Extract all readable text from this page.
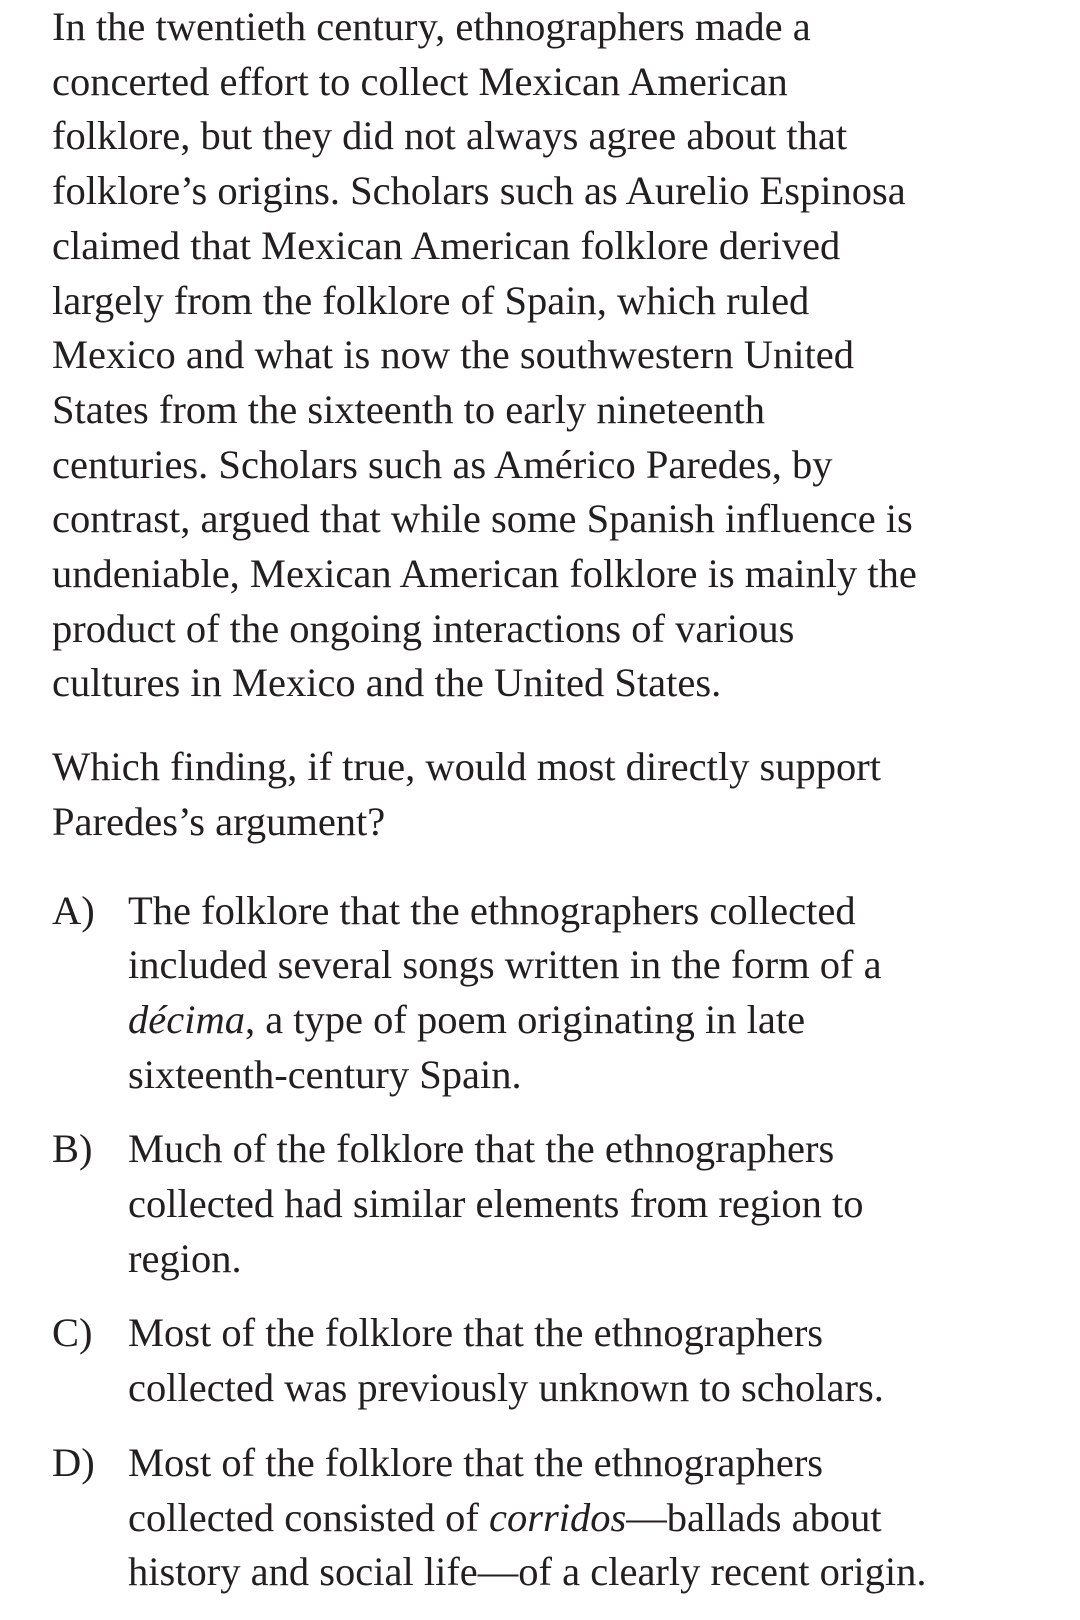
In the twentieth century, ethnographers made a
concerted effort to collect Mexican American
folklore, but they did not always agree about that
folklore’s origins. Scholars such as Aurelio Espinosa
claimed that Mexican American folklore derived
largely from the folklore of Spain, which ruled
Mexico and what is now the southwestern United
States from the sixteenth to early nineteenth
centuries. Scholars such as Américo Paredes, by
contrast, argued that while some Spanish influence is
undeniable, Mexican American folklore is mainly the
product of the ongoing interactions of various
cultures in Mexico and the United States.

Which finding, if true, would most directly support
Paredes’s argument?

A) The folklore that the ethnographers collected
included several songs written in the form of a
décima, a type of poem originating in late
sixteenth-century Spain.
B) Much of the folklore that the ethnographers
collected had similar elements from region to
region.
C) Most of the folklore that the ethnographers
collected was previously unknown to scholars.
D) Most of the folklore that the ethnographers
collected consisted of corridos—ballads about
history and social life—of a clearly recent origin.
